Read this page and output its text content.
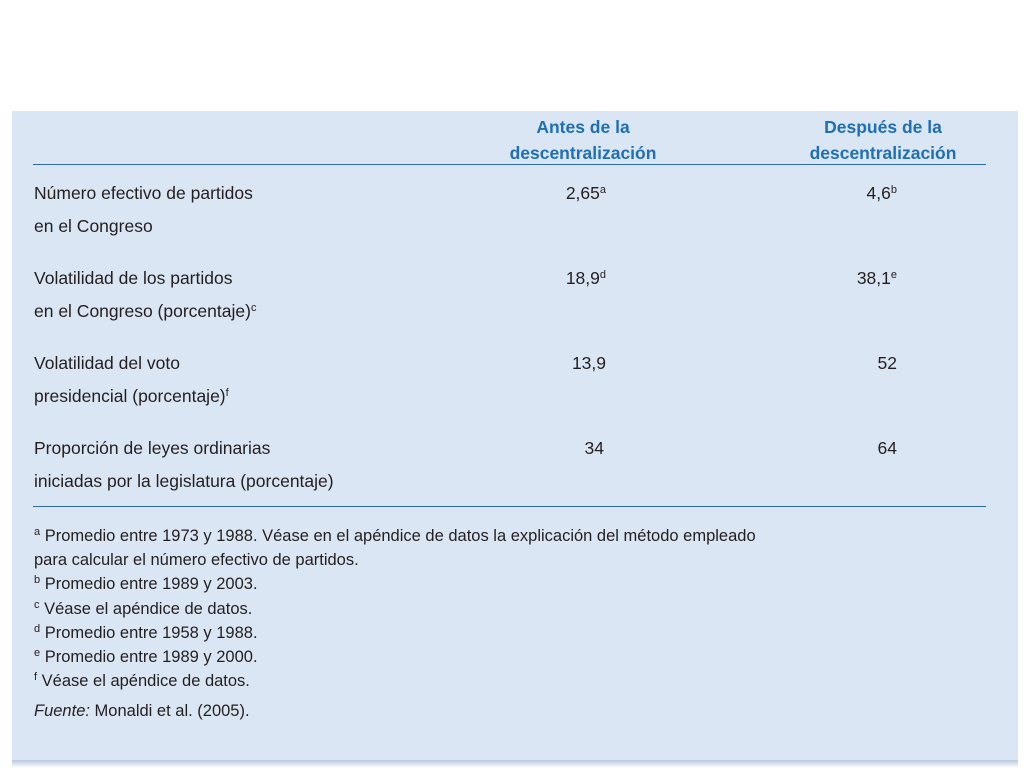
Antes de la
descentralización
Después de la
descentralización
Número efectivo de partidos
en el Congreso
2,65$^a$	4,6$^b$
Volatilidad de los partidos
en el Congreso (porcentaje)$^c$
18,9$^d$	38,1e
Volatilidad del voto
presidencial (porcentaje)$^f$
13,9	52
Proporción de leyes ordinarias
iniciadas por la legislatura (porcentaje)
34	64
$^a$ Promedio entre 1973 y 1988. Véase en el apéndice de datos la explicación del método empleado
para calcular el número efectivo de partidos.
$^b$ Promedio entre 1989 y 2003.
$^c$ Véase el apéndice de datos.
$^d$ Promedio entre 1958 y 1988.
$^e$ Promedio entre 1989 y 2000.
$^f$ Véase el apéndice de datos.
Fuente: Monaldi et al. (2005).
